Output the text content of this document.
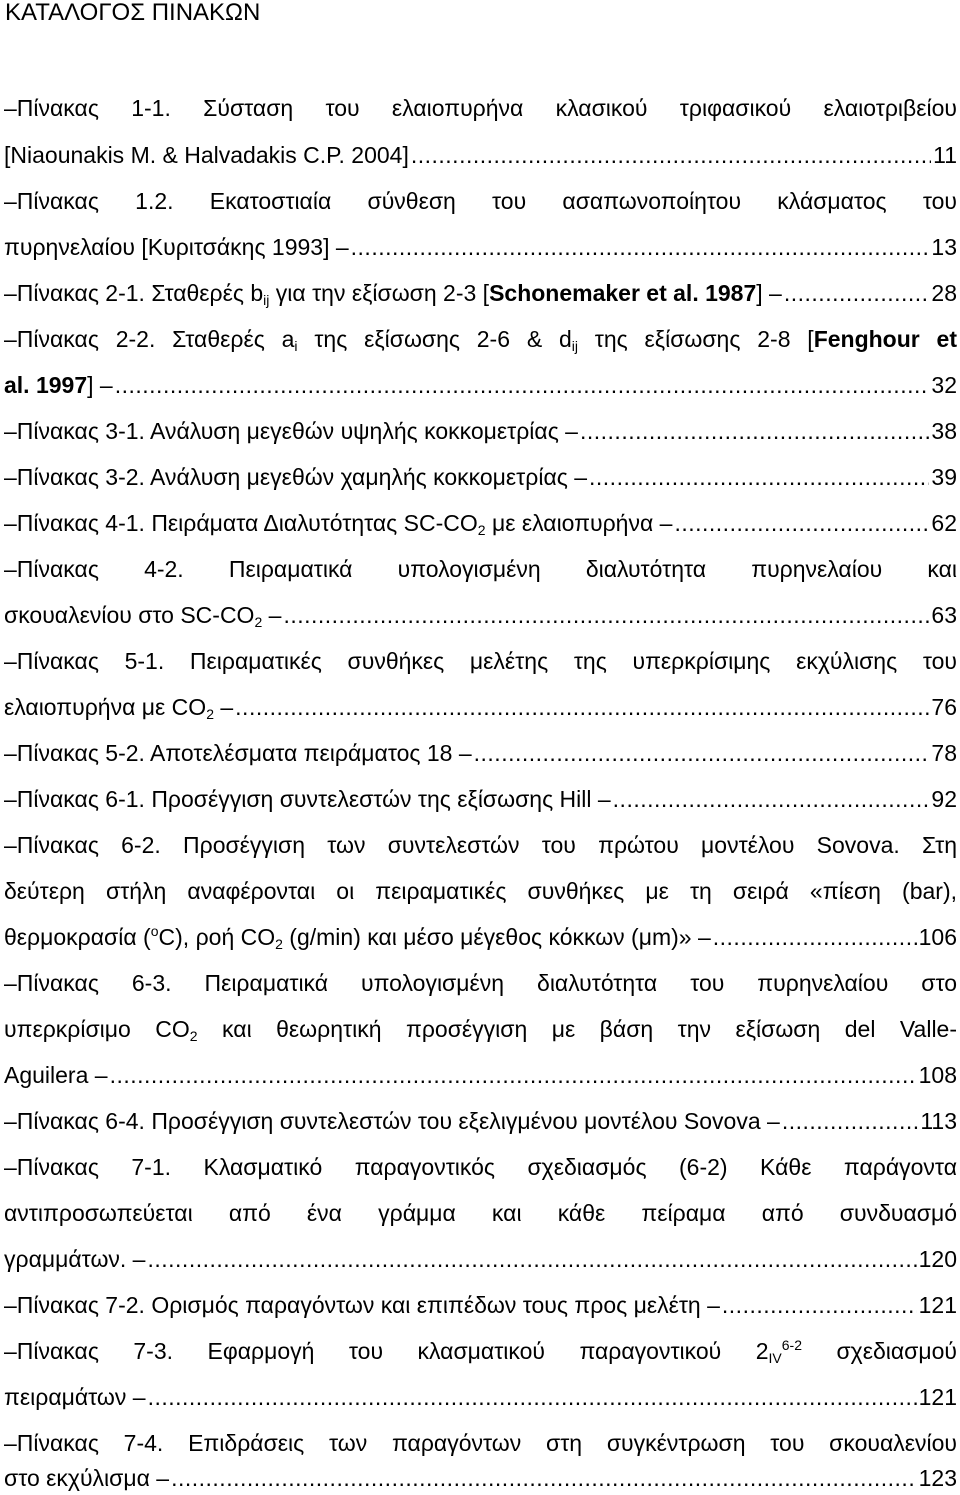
ΚΑΤΑΛΟΓΟΣ ΠΙΝΑΚΩΝ
–Πίνακας 1-1. Σύσταση του ελαιοπυρήνα κλασικού τριφασικού ελαιοτριβείου
[Niaounakis M. & Halvadakis C.P. 2004] .....	11
–Πίνακας 1.2. Εκατοστιαία σύνθεση του ασαπωνοποίητου κλάσματος του
πυρηνελαίου [Κυριτσάκης 1993] – .....	13
–Πίνακας 2-1. Σταθερές $b_{ij}$ για την εξίσωση 2-3 [Schonemaker et al. 1987] – .....	28
–Πίνακας 2-2. Σταθερές $a_i$ της εξίσωσης 2-6 & $d_{ij}$ της εξίσωσης 2-8 [Fenghour et
al. 1997] – .....	32
–Πίνακας 3-1. Ανάλυση μεγεθών υψηλής κοκκομετρίας – .....	38
–Πίνακας 3-2. Ανάλυση μεγεθών χαμηλής κοκκομετρίας – .....	39
–Πίνακας 4-1. Πειράματα Διαλυτότητας $SC-CO_2$ με ελαιοπυρήνα – .....	62
–Πίνακας 4-2. Πειραματικά υπολογισμένη διαλυτότητα πυρηνελαίου και
σκουαλενίου στο $SC-CO_2$ – .....	63
–Πίνακας 5-1. Πειραματικές συνθήκες μελέτης της υπερκρίσιμης εκχύλισης του
ελαιοπυρήνα με $CO_2$ – .....	76
–Πίνακας 5-2. Αποτελέσματα πειράματος 18 – .....	78
–Πίνακας 6-1. Προσέγγιση συντελεστών της εξίσωσης Hill – .....	92
–Πίνακας 6-2. Προσέγγιση των συντελεστών του πρώτου μοντέλου Sovova. Στη
δεύτερη στήλη αναφέρονται οι πειραματικές συνθήκες με τη σειρά «πίεση (bar),
θερμοκρασία ($^o$C), ροή $CO_2$ (g/min) και μέσο μέγεθος κόκκων (μm)» – .....	106
–Πίνακας 6-3. Πειραματικά υπολογισμένη διαλυτότητα του πυρηνελαίου στο
υπερκρίσιμο $CO_2$ και θεωρητική προσέγγιση με βάση την εξίσωση del Valle-
Aguilera – .....	108
–Πίνακας 6-4. Προσέγγιση συντελεστών του εξελιγμένου μοντέλου Sovova – .....	113
–Πίνακας 7-1. Κλασματικό παραγοντικός σχεδιασμός (6-2) Κάθε παράγοντα
αντιπροσωπεύεται από ένα γράμμα και κάθε πείραμα από συνδυασμό
γραμμάτων. – .....	120
–Πίνακας 7-2. Ορισμός παραγόντων και επιπέδων τους προς μελέτη – .....	121
–Πίνακας 7-3. Εφαρμογή του κλασματικού παραγοντικού $2_{IV}^{6-2}$ σχεδιασμού
πειραμάτων – .....	121
–Πίνακας 7-4. Επιδράσεις των παραγόντων στη συγκέντρωση του σκουαλενίου
στο εκχύλισμα – .....	123
